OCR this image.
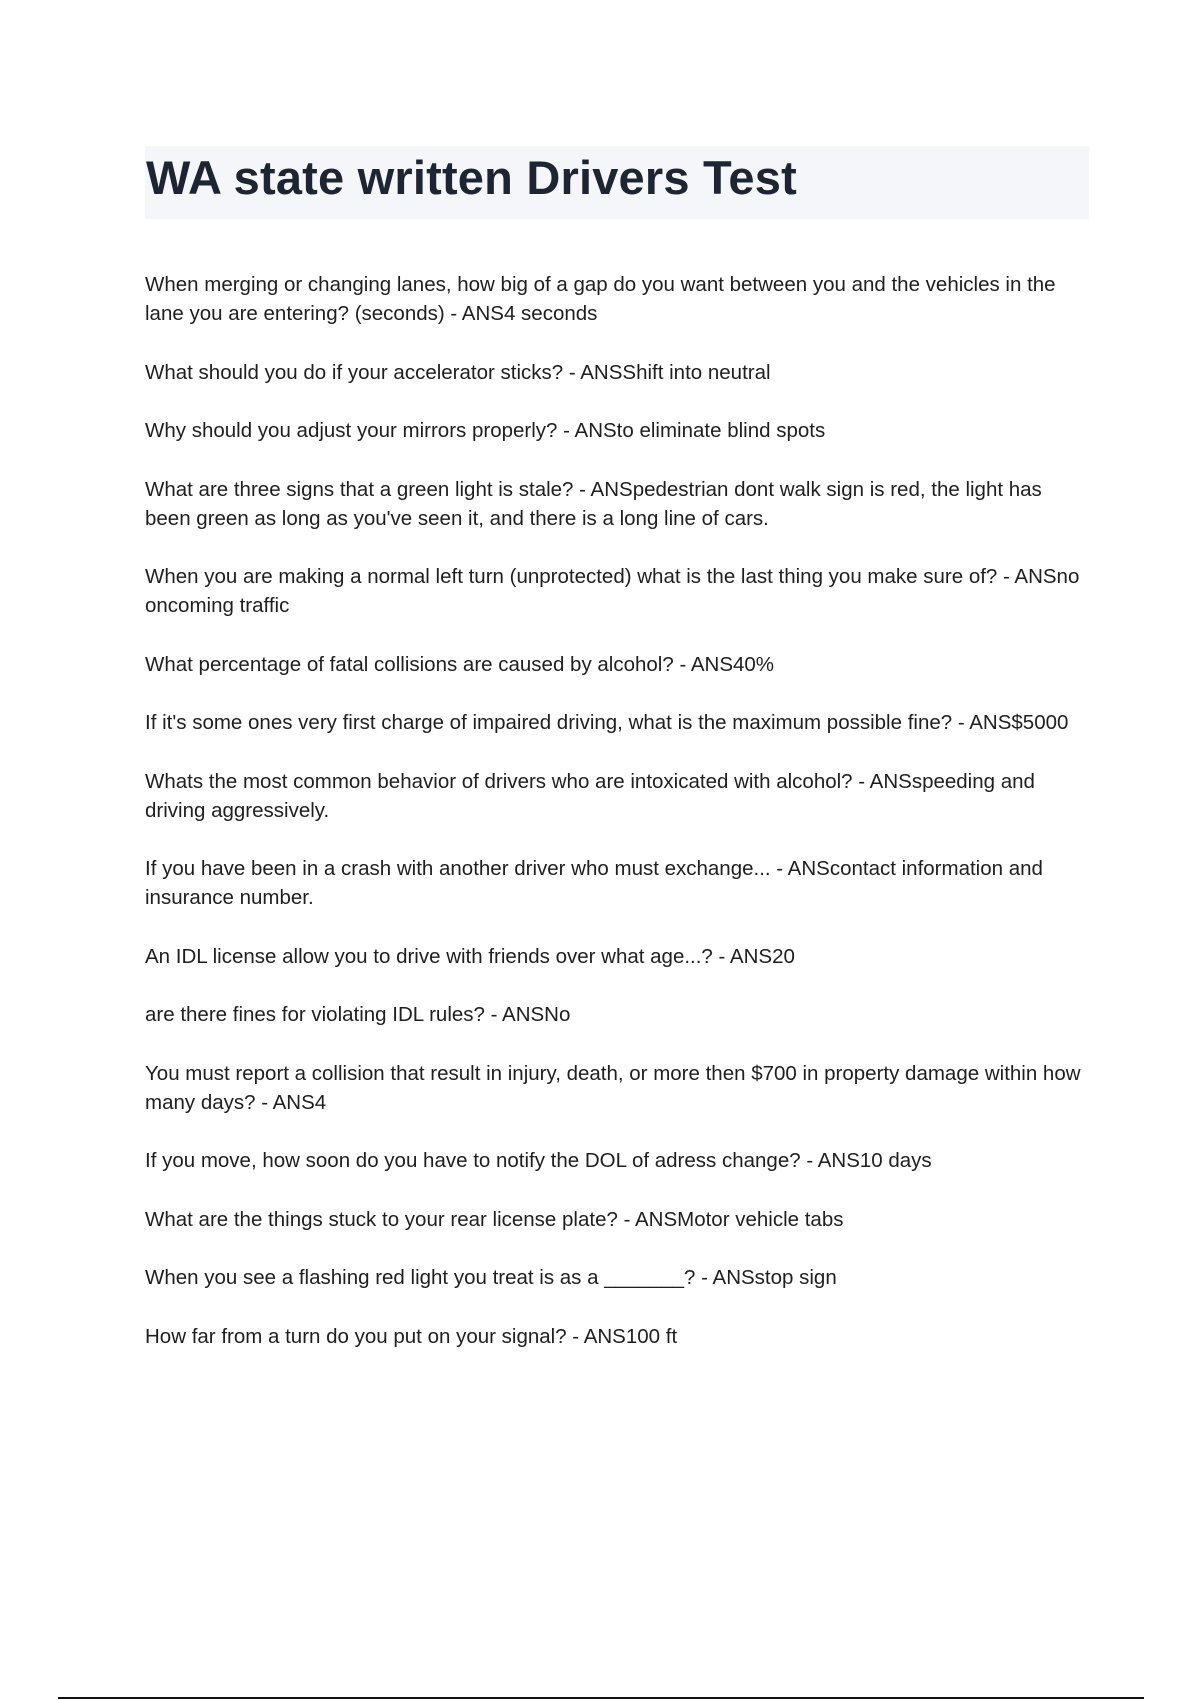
WA state written Drivers Test
When merging or changing lanes, how big of a gap do you want between you and the vehicles in the lane you are entering? (seconds) - ANS4 seconds
What should you do if your accelerator sticks? - ANSShift into neutral
Why should you adjust your mirrors properly? - ANSto eliminate blind spots
What are three signs that a green light is stale? - ANSpedestrian dont walk sign is red, the light has been green as long as you've seen it, and there is a long line of cars.
When you are making a normal left turn (unprotected) what is the last thing you make sure of? - ANSno oncoming traffic
What percentage of fatal collisions are caused by alcohol? - ANS40%
If it's some ones very first charge of impaired driving, what is the maximum possible fine? - ANS$5000
Whats the most common behavior of drivers who are intoxicated with alcohol? - ANSspeeding and driving aggressively.
If you have been in a crash with another driver who must exchange... - ANScontact information and insurance number.
An IDL license allow you to drive with friends over what age...? - ANS20
are there fines for violating IDL rules? - ANSNo
You must report a collision that result in injury, death, or more then $700 in property damage within how many days? - ANS4
If you move, how soon do you have to notify the DOL of adress change? - ANS10 days
What are the things stuck to your rear license plate? - ANSMotor vehicle tabs
When you see a flashing red light you treat is as a _______? - ANSstop sign
How far from a turn do you put on your signal? - ANS100 ft
